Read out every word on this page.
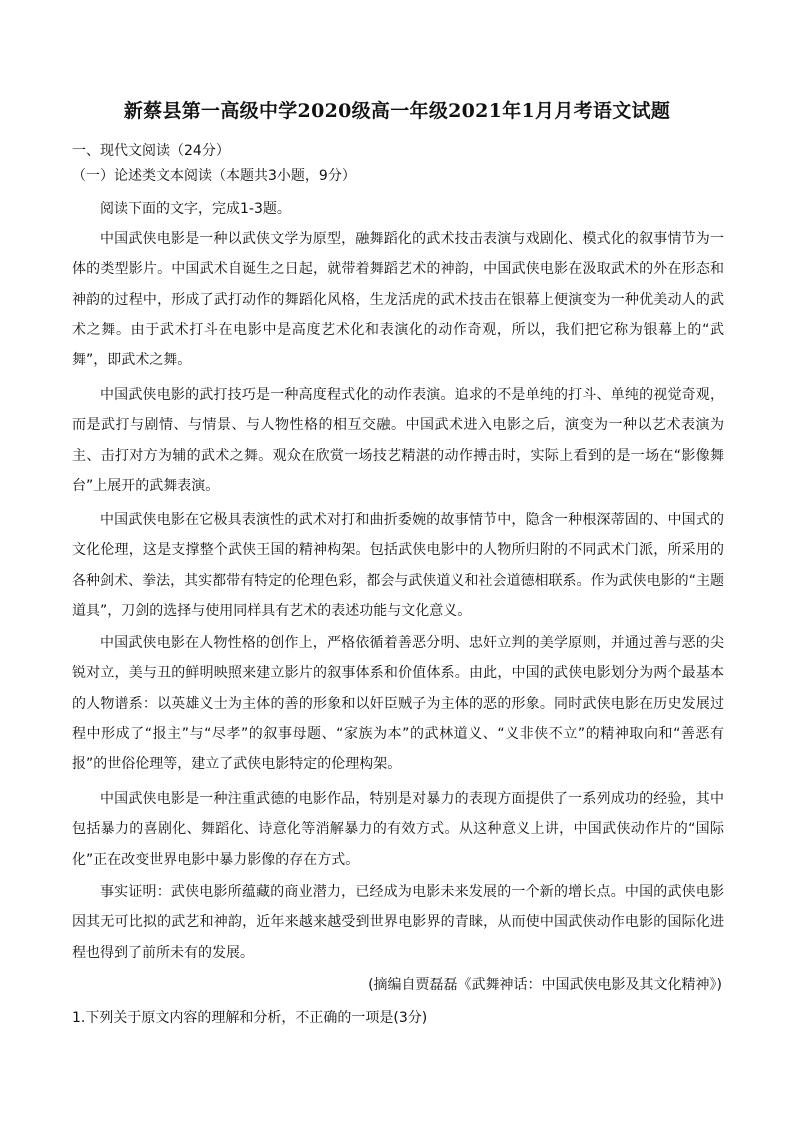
新蔡县第一高级中学2020级高一年级2021年1月月考语文试题
一、现代文阅读（24分）
（一）论述类文本阅读（本题共3小题，9分）
阅读下面的文字，完成1-3题。
中国武侠电影是一种以武侠文学为原型，融舞蹈化的武术技击表演与戏剧化、模式化的叙事情节为一体的类型影片。中国武术自诞生之日起，就带着舞蹈艺术的神韵，中国武侠电影在汲取武术的外在形态和神韵的过程中，形成了武打动作的舞蹈化风格，生龙活虎的武术技击在银幕上便演变为一种优美动人的武术之舞。由于武术打斗在电影中是高度艺术化和表演化的动作奇观，所以，我们把它称为银幕上的“武舞”，即武术之舞。
中国武侠电影的武打技巧是一种高度程式化的动作表演。追求的不是单纯的打斗、单纯的视觉奇观，而是武打与剧情、与情景、与人物性格的相互交融。中国武术进入电影之后，演变为一种以艺术表演为主、击打对方为辅的武术之舞。观众在欣赏一场技艺精湛的动作搏击时，实际上看到的是一场在“影像舞台”上展开的武舞表演。
中国武侠电影在它极具表演性的武术对打和曲折委婉的故事情节中，隐含一种根深蒂固的、中国式的文化伦理，这是支撑整个武侠王国的精神构架。包括武侠电影中的人物所归附的不同武术门派，所采用的各种剑术、拳法，其实都带有特定的伦理色彩，都会与武侠道义和社会道德相联系。作为武侠电影的“主题道具”，刀剑的选择与使用同样具有艺术的表述功能与文化意义。
中国武侠电影在人物性格的创作上，严格依循着善恶分明、忠奸立判的美学原则，并通过善与恶的尖锐对立，美与丑的鲜明映照来建立影片的叙事体系和价值体系。由此，中国的武侠电影划分为两个最基本的人物谱系：以英雄义士为主体的善的形象和以奸臣贼子为主体的恶的形象。同时武侠电影在历史发展过程中形成了“报主”与“尽孝”的叙事母题、“家族为本”的武林道义、“义非侠不立”的精神取向和“善恶有报”的世俗伦理等，建立了武侠电影特定的伦理构架。
中国武侠电影是一种注重武德的电影作品，特别是对暴力的表现方面提供了一系列成功的经验，其中包括暴力的喜剧化、舞蹈化、诗意化等消解暴力的有效方式。从这种意义上讲，中国武侠动作片的“国际化”正在改变世界电影中暴力影像的存在方式。
事实证明：武侠电影所蕴藏的商业潜力，已经成为电影未来发展的一个新的增长点。中国的武侠电影因其无可比拟的武艺和神韵，近年来越来越受到世界电影界的青睐，从而使中国武侠动作电影的国际化进程也得到了前所未有的发展。
(摘编自贾磊磊《武舞神话：中国武侠电影及其文化精神》)
1.下列关于原文内容的理解和分析，不正确的一项是(3分)
